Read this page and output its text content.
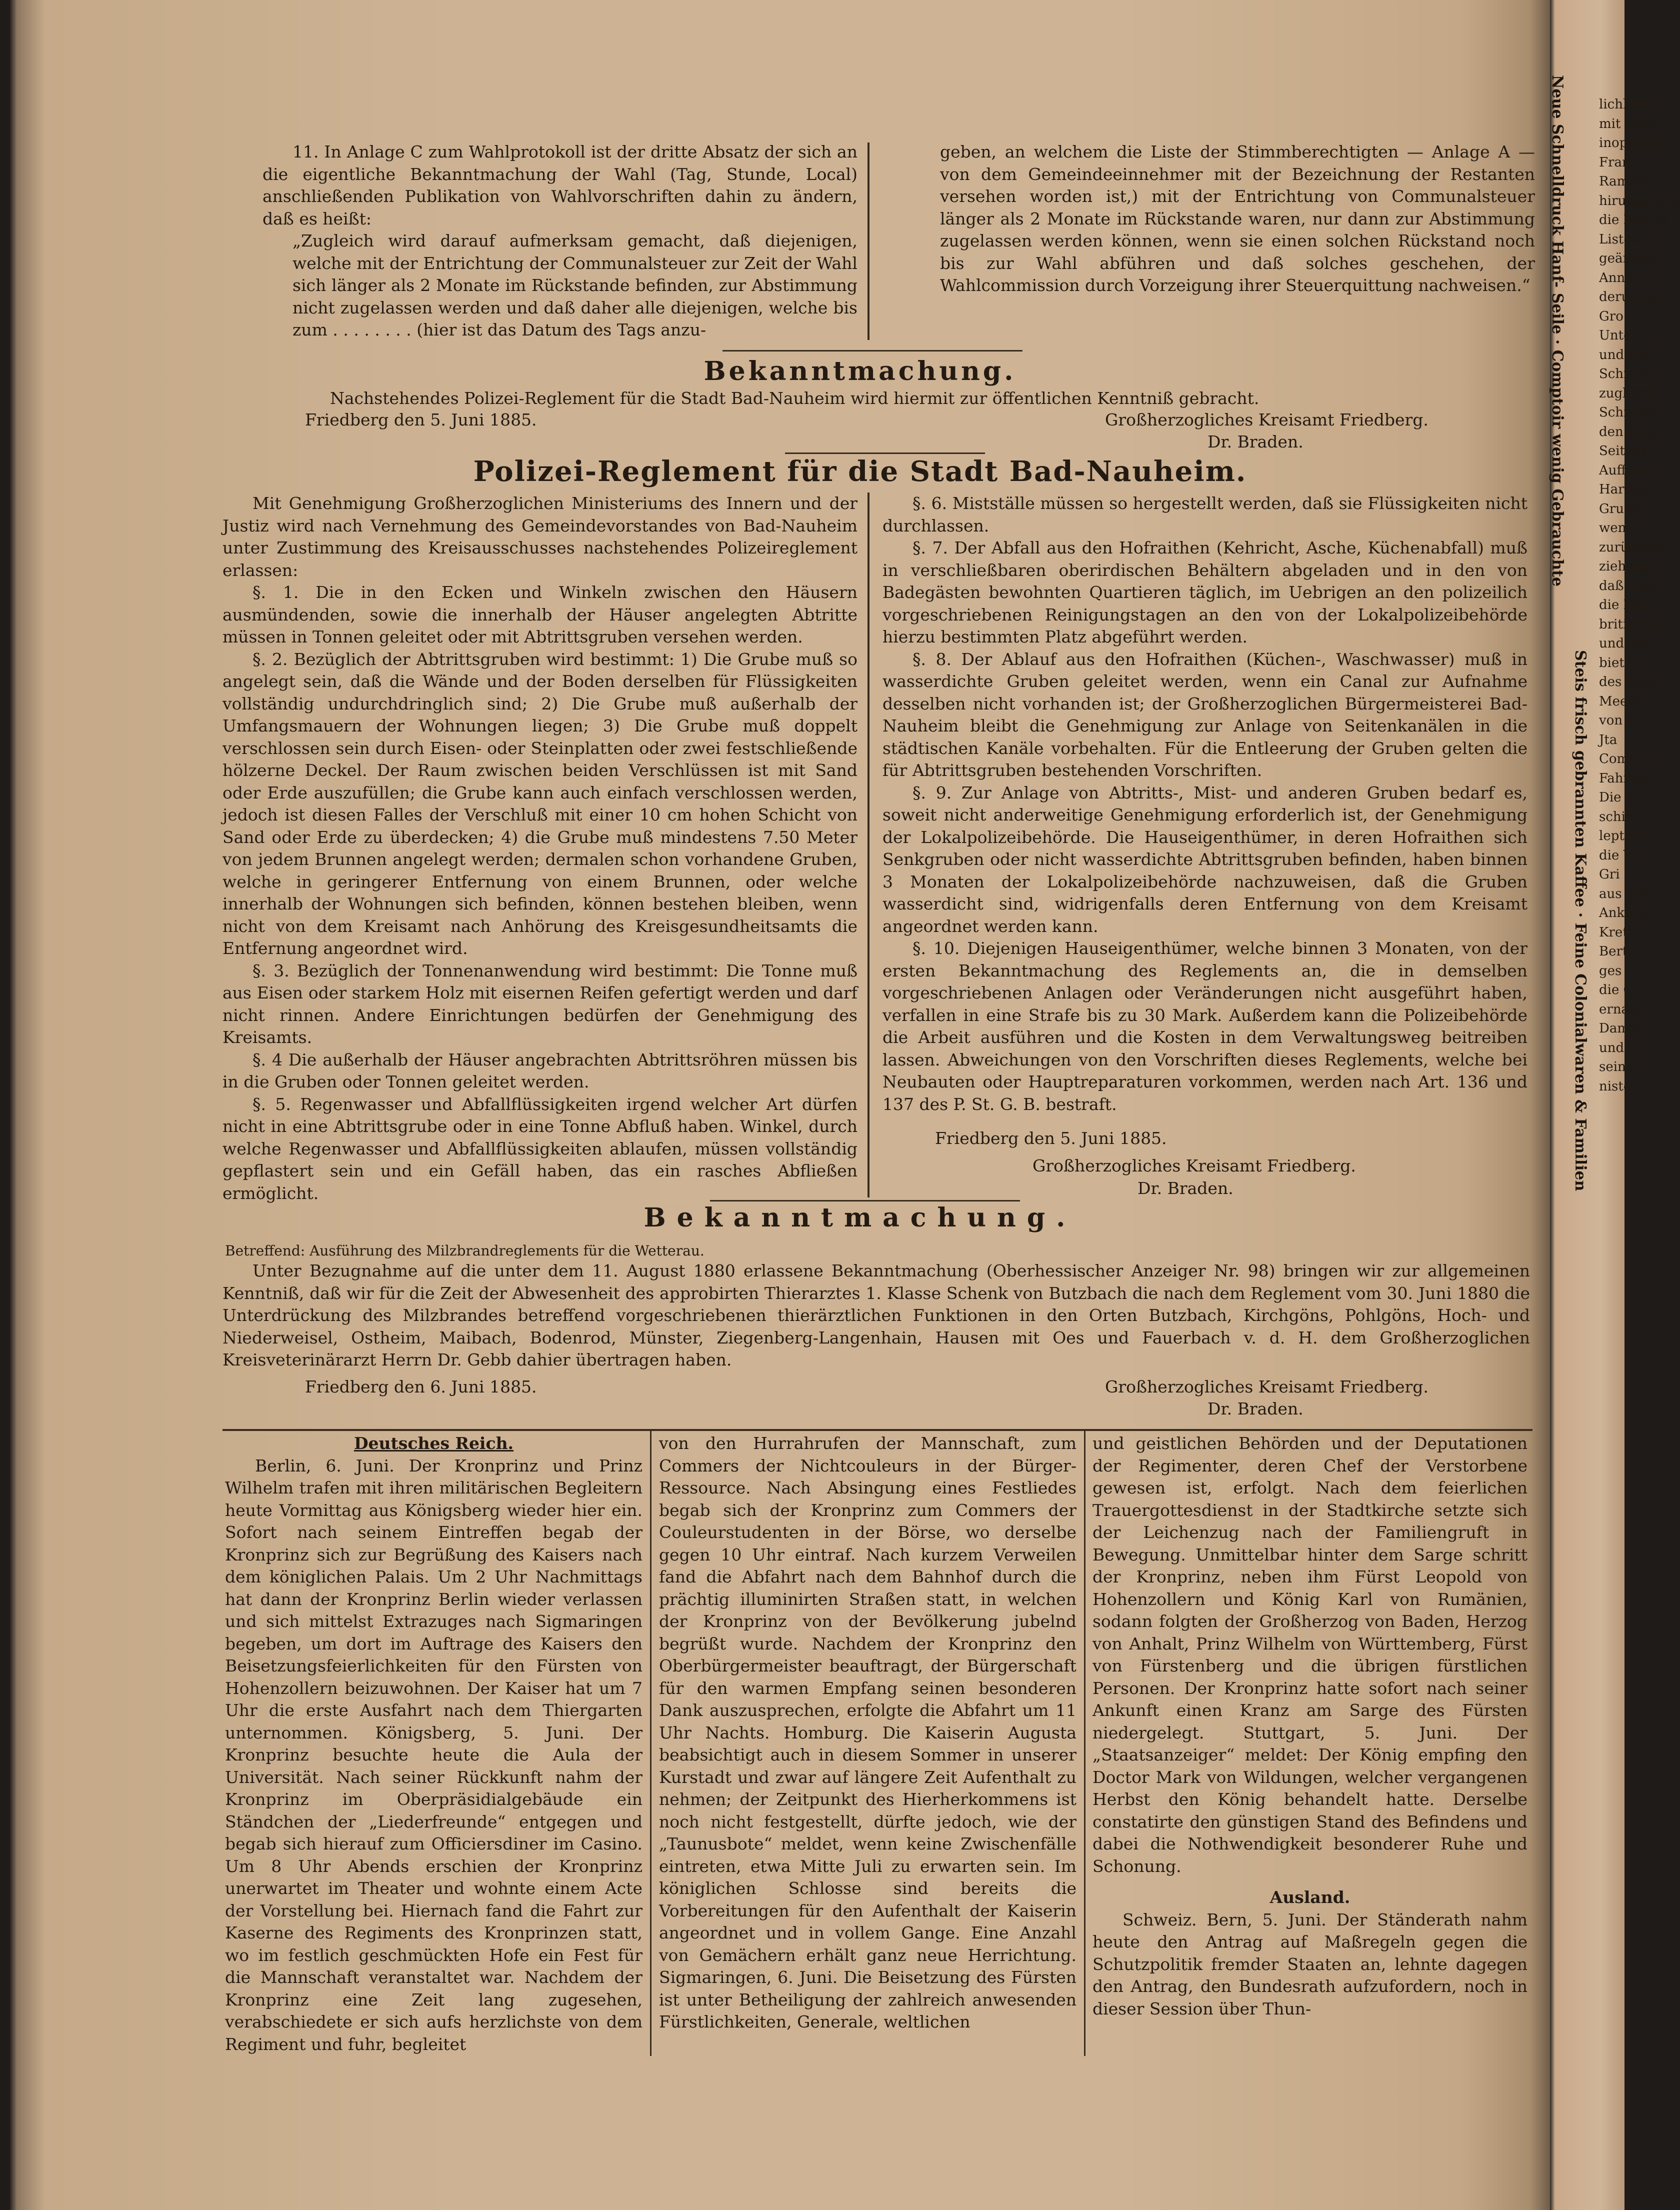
11. In Anlage C zum Wahlprotokoll ist der dritte Absatz der sich an die eigentliche Bekanntmachung der Wahl (Tag, Stunde, Local) anschließenden Publikation von Wahlvorschriften dahin zu ändern, daß es heißt:

„Zugleich wird darauf aufmerksam gemacht, daß diejenigen, welche mit der Entrichtung der Communalsteuer zur Zeit der Wahl sich länger als 2 Monate im Rückstande befinden, zur Abstimmung nicht zugelassen werden und daß daher alle diejenigen, welche bis zum . . . . . . . . (hier ist das Datum des Tags anzu-

geben, an welchem die Liste der Stimmberechtigten — Anlage A — von dem Gemeindeeinnehmer mit der Bezeichnung der Restanten versehen worden ist,) mit der Entrichtung von Communalsteuer länger als 2 Monate im Rückstande waren, nur dann zur Abstimmung zugelassen werden können, wenn sie einen solchen Rückstand noch bis zur Wahl abführen und daß solches geschehen, der Wahlcommission durch Vorzeigung ihrer Steuerquittung nachweisen.“

Bekanntmachung.
Nachstehendes Polizei-Reglement für die Stadt Bad-Nauheim wird hiermit zur öffentlichen Kenntniß gebracht.
Friedberg den 5. Juni 1885.	Großherzogliches Kreisamt Friedberg.
Dr. Braden.
Polizei-Reglement für die Stadt Bad-Nauheim.

Mit Genehmigung Großherzoglichen Ministeriums des Innern und der Justiz wird nach Vernehmung des Gemeindevorstandes von Bad-Nauheim unter Zustimmung des Kreisausschusses nachstehendes Polizeireglement erlassen:

§. 1. Die in den Ecken und Winkeln zwischen den Häusern ausmündenden, sowie die innerhalb der Häuser angelegten Abtritte müssen in Tonnen geleitet oder mit Abtrittsgruben versehen werden.

§. 2. Bezüglich der Abtrittsgruben wird bestimmt: 1) Die Grube muß so angelegt sein, daß die Wände und der Boden derselben für Flüssigkeiten vollständig undurchdringlich sind; 2) Die Grube muß außerhalb der Umfangsmauern der Wohnungen liegen; 3) Die Grube muß doppelt verschlossen sein durch Eisen- oder Steinplatten oder zwei festschließende hölzerne Deckel. Der Raum zwischen beiden Verschlüssen ist mit Sand oder Erde auszufüllen; die Grube kann auch einfach verschlossen werden, jedoch ist diesen Falles der Verschluß mit einer 10 cm hohen Schicht von Sand oder Erde zu überdecken; 4) die Grube muß mindestens 7.50 Meter von jedem Brunnen angelegt werden; dermalen schon vorhandene Gruben, welche in geringerer Entfernung von einem Brunnen, oder welche innerhalb der Wohnungen sich befinden, können bestehen bleiben, wenn nicht von dem Kreisamt nach Anhörung des Kreisgesundheitsamts die Entfernung angeordnet wird.

§. 3. Bezüglich der Tonnenanwendung wird bestimmt: Die Tonne muß aus Eisen oder starkem Holz mit eisernen Reifen gefertigt werden und darf nicht rinnen. Andere Einrichtungen bedürfen der Genehmigung des Kreisamts.

§. 4 Die außerhalb der Häuser angebrachten Abtrittsröhren müssen bis in die Gruben oder Tonnen geleitet werden.

§. 5. Regenwasser und Abfallflüssigkeiten irgend welcher Art dürfen nicht in eine Abtrittsgrube oder in eine Tonne Abfluß haben. Winkel, durch welche Regenwasser und Abfallflüssigkeiten ablaufen, müssen vollständig gepflastert sein und ein Gefäll haben, das ein rasches Abfließen ermöglicht.

§. 6. Mistställe müssen so hergestellt werden, daß sie Flüssigkeiten nicht durchlassen.

§. 7. Der Abfall aus den Hofraithen (Kehricht, Asche, Küchenabfall) muß in verschließbaren oberirdischen Behältern abgeladen und in den von Badegästen bewohnten Quartieren täglich, im Uebrigen an den polizeilich vorgeschriebenen Reinigungstagen an den von der Lokalpolizeibehörde hierzu bestimmten Platz abgeführt werden.

§. 8. Der Ablauf aus den Hofraithen (Küchen-, Waschwasser) muß in wasserdichte Gruben geleitet werden, wenn ein Canal zur Aufnahme desselben nicht vorhanden ist; der Großherzoglichen Bürgermeisterei Bad-Nauheim bleibt die Genehmigung zur Anlage von Seitenkanälen in die städtischen Kanäle vorbehalten. Für die Entleerung der Gruben gelten die für Abtrittsgruben bestehenden Vorschriften.

§. 9. Zur Anlage von Abtritts-, Mist- und anderen Gruben bedarf es, soweit nicht anderweitige Genehmigung erforderlich ist, der Genehmigung der Lokalpolizeibehörde. Die Hauseigenthümer, in deren Hofraithen sich Senkgruben oder nicht wasserdichte Abtrittsgruben befinden, haben binnen 3 Monaten der Lokalpolizeibehörde nachzuweisen, daß die Gruben wasserdicht sind, widrigenfalls deren Entfernung von dem Kreisamt angeordnet werden kann.

§. 10. Diejenigen Hauseigenthümer, welche binnen 3 Monaten, von der ersten Bekanntmachung des Reglements an, die in demselben vorgeschriebenen Anlagen oder Veränderungen nicht ausgeführt haben, verfallen in eine Strafe bis zu 30 Mark. Außerdem kann die Polizeibehörde die Arbeit ausführen und die Kosten in dem Verwaltungsweg beitreiben lassen. Abweichungen von den Vorschriften dieses Reglements, welche bei Neubauten oder Hauptreparaturen vorkommen, werden nach Art. 136 und 137 des P. St. G. B. bestraft.

Friedberg den 5. Juni 1885.
Großherzogliches Kreisamt Friedberg.
Dr. Braden.
Bekanntmachung.
Betreffend: Ausführung des Milzbrandreglements für die Wetterau.
Unter Bezugnahme auf die unter dem 11. August 1880 erlassene Bekanntmachung (Oberhessischer Anzeiger Nr. 98) bringen wir zur allgemeinen Kenntniß, daß wir für die Zeit der Abwesenheit des approbirten Thierarztes 1. Klasse Schenk von Butzbach die nach dem Reglement vom 30. Juni 1880 die Unterdrückung des Milzbrandes betreffend vorgeschriebenen thierärztlichen Funktionen in den Orten Butzbach, Kirchgöns, Pohlgöns, Hoch- und Niederweisel, Ostheim, Maibach, Bodenrod, Münster, Ziegenberg-Langenhain, Hausen mit Oes und Fauerbach v. d. H. dem Großherzoglichen Kreisveterinärarzt Herrn Dr. Gebb dahier übertragen haben.
Friedberg den 6. Juni 1885.	Großherzogliches Kreisamt Friedberg.
Dr. Braden.
Deutsches Reich.

Berlin, 6. Juni. Der Kronprinz und Prinz Wilhelm trafen mit ihren militärischen Begleitern heute Vormittag aus Königsberg wieder hier ein. Sofort nach seinem Eintreffen begab der Kronprinz sich zur Begrüßung des Kaisers nach dem königlichen Palais. Um 2 Uhr Nachmittags hat dann der Kronprinz Berlin wieder verlassen und sich mittelst Extrazuges nach Sigmaringen begeben, um dort im Auftrage des Kaisers den Beisetzungsfeierlichkeiten für den Fürsten von Hohenzollern beizuwohnen. Der Kaiser hat um 7 Uhr die erste Ausfahrt nach dem Thiergarten unternommen. Königsberg, 5. Juni. Der Kronprinz besuchte heute die Aula der Universität. Nach seiner Rückkunft nahm der Kronprinz im Oberpräsidialgebäude ein Ständchen der „Liederfreunde“ entgegen und begab sich hierauf zum Officiersdiner im Casino. Um 8 Uhr Abends erschien der Kronprinz unerwartet im Theater und wohnte einem Acte der Vorstellung bei. Hiernach fand die Fahrt zur Kaserne des Regiments des Kronprinzen statt, wo im festlich geschmückten Hofe ein Fest für die Mannschaft veranstaltet war. Nachdem der Kronprinz eine Zeit lang zugesehen, verabschiedete er sich aufs herzlichste von dem Regiment und fuhr, begleitet

von den Hurrahrufen der Mannschaft, zum Commers der Nichtcouleurs in der Bürger-Ressource. Nach Absingung eines Festliedes begab sich der Kronprinz zum Commers der Couleurstudenten in der Börse, wo derselbe gegen 10 Uhr eintraf. Nach kurzem Verweilen fand die Abfahrt nach dem Bahnhof durch die prächtig illuminirten Straßen statt, in welchen der Kronprinz von der Bevölkerung jubelnd begrüßt wurde. Nachdem der Kronprinz den Oberbürgermeister beauftragt, der Bürgerschaft für den warmen Empfang seinen besonderen Dank auszusprechen, erfolgte die Abfahrt um 11 Uhr Nachts. Homburg. Die Kaiserin Augusta beabsichtigt auch in diesem Sommer in unserer Kurstadt und zwar auf längere Zeit Aufenthalt zu nehmen; der Zeitpunkt des Hierherkommens ist noch nicht festgestellt, dürfte jedoch, wie der „Taunusbote“ meldet, wenn keine Zwischenfälle eintreten, etwa Mitte Juli zu erwarten sein. Im königlichen Schlosse sind bereits die Vorbereitungen für den Aufenthalt der Kaiserin angeordnet und in vollem Gange. Eine Anzahl von Gemächern erhält ganz neue Herrichtung. Sigmaringen, 6. Juni. Die Beisetzung des Fürsten ist unter Betheiligung der zahlreich anwesenden Fürstlichkeiten, Generale, weltlichen

und geistlichen Behörden und der Deputationen der Regimenter, deren Chef der Verstorbene gewesen ist, erfolgt. Nach dem feierlichen Trauergottesdienst in der Stadtkirche setzte sich der Leichenzug nach der Familiengruft in Bewegung. Unmittelbar hinter dem Sarge schritt der Kronprinz, neben ihm Fürst Leopold von Hohenzollern und König Karl von Rumänien, sodann folgten der Großherzog von Baden, Herzog von Anhalt, Prinz Wilhelm von Württemberg, Fürst von Fürstenberg und die übrigen fürstlichen Personen. Der Kronprinz hatte sofort nach seiner Ankunft einen Kranz am Sarge des Fürsten niedergelegt. Stuttgart, 5. Juni. Der „Staatsanzeiger“ meldet: Der König empfing den Doctor Mark von Wildungen, welcher vergangenen Herbst den König behandelt hatte. Derselbe constatirte den günstigen Stand des Befindens und dabei die Nothwendigkeit besonderer Ruhe und Schonung.

Ausland.

Schweiz. Bern, 5. Juni. Der Ständerath nahm heute den Antrag auf Maßregeln gegen die Schutzpolitik fremder Staaten an, lehnte dagegen den Antrag, den Bundesrath aufzufordern, noch in dieser Session über Thun-

Neue Schnelldruck Hanf- Seile · Comptoir wenig Gebrauchte
Steis frisch gebrannten Kaffee · Feine Colonialwaren & Familien
lichkeit be
mit Dent
inopportun
Fran
Rammer
hirungsgese
die Befugt
Listenscru
geändert
Annahme
derungen.
Gro
Unterhau
und ruff
Schiedsg
zugleich
Schiedsr
den Aufg
Seitens
Aufforde
Harting
Grund,
wenn,
zurückgeh
ziehung
daß unte
die Nige
britischen
und der
biete an
des Nige
Meere,
von Zu
Jta
Commiss
Fahrzeu
Die C
schiff
lepten C
die Verb
Gri
aus Can
Ankunft
Kreta,
Berta
ges
die Cz
ernannt
Dampf
und Ge
seine C
nister
